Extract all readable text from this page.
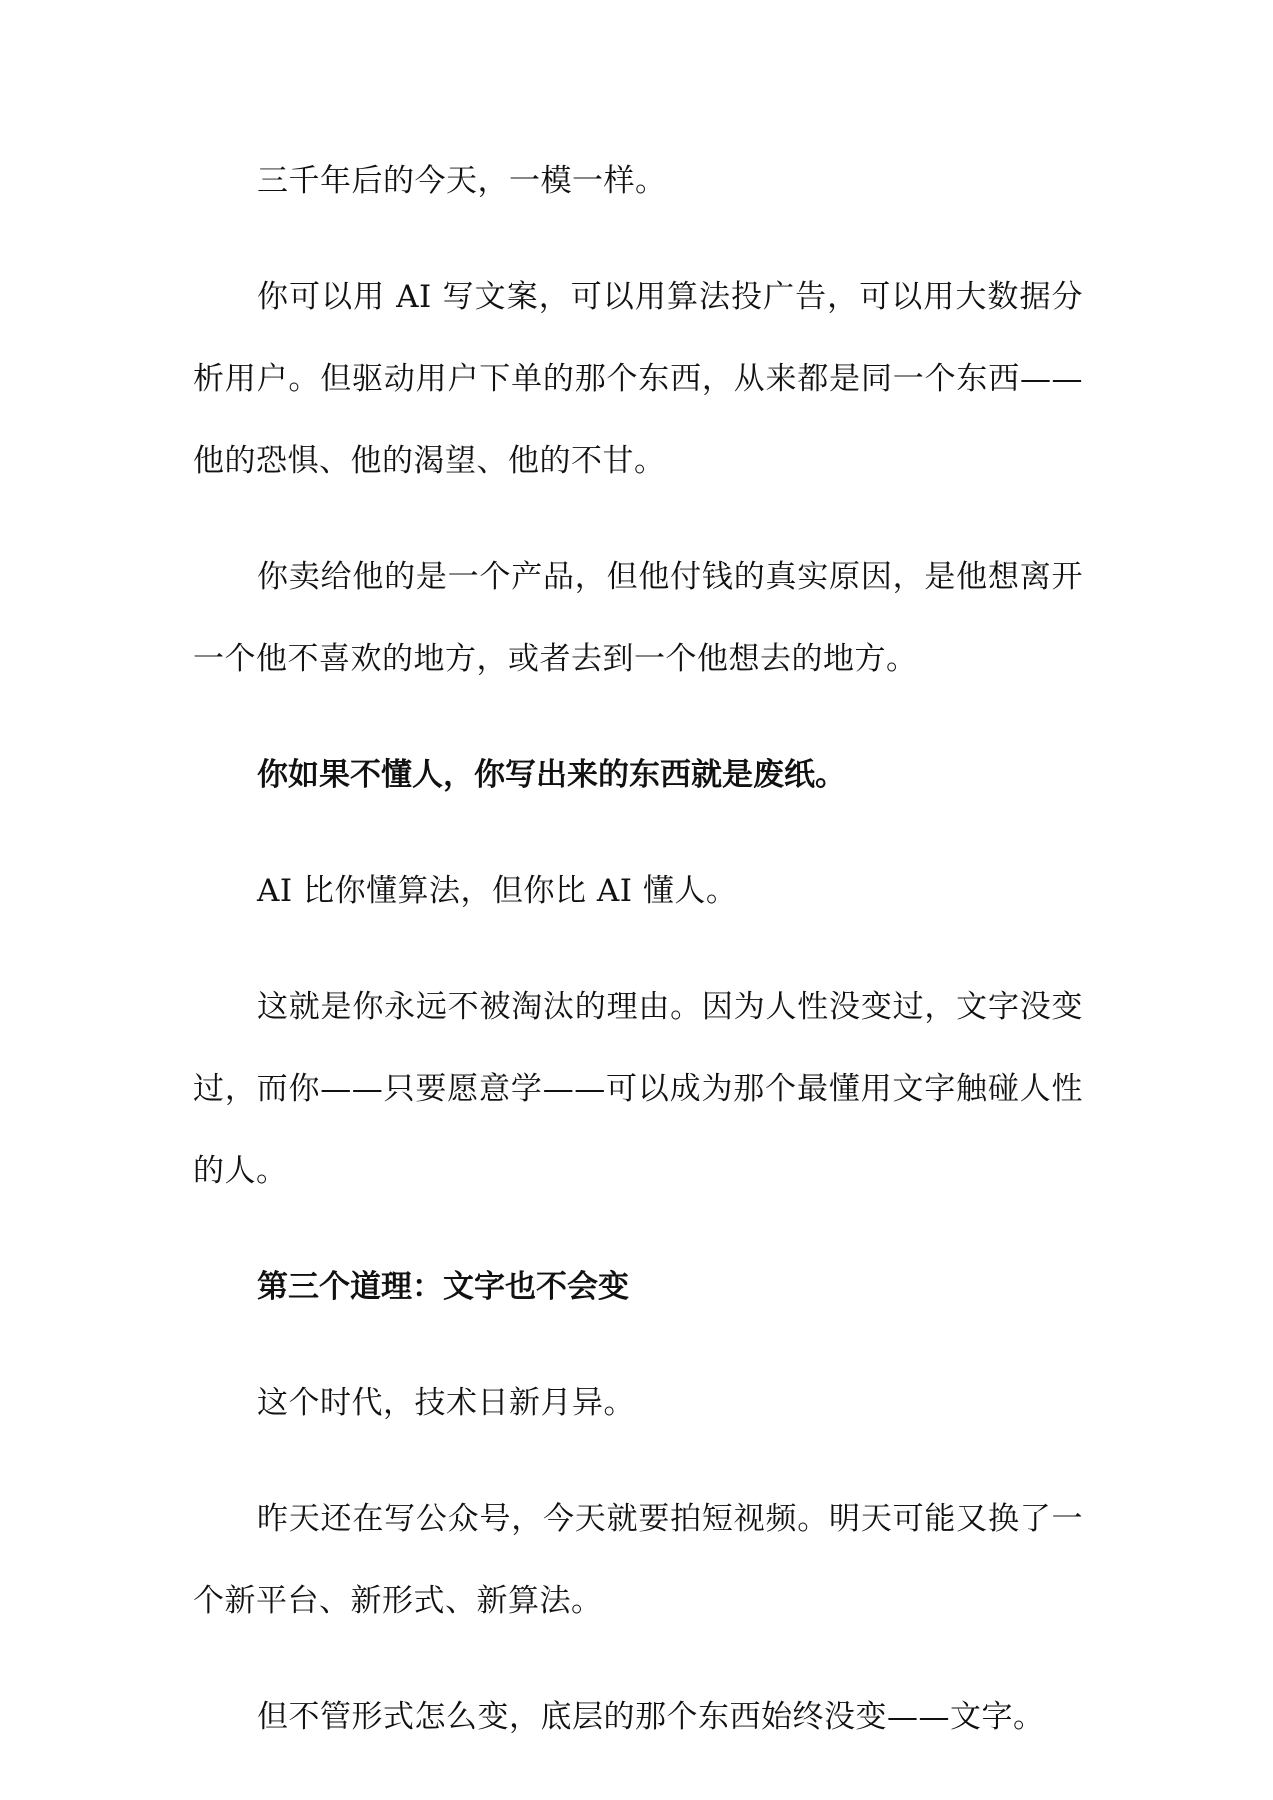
三千年后的今天，一模一样。

你可以用 AI 写文案，可以用算法投广告，可以用大数据分析用户。但驱动用户下单的那个东西，从来都是同一个东西——他的恐惧、他的渴望、他的不甘。

你卖给他的是一个产品，但他付钱的真实原因，是他想离开一个他不喜欢的地方，或者去到一个他想去的地方。

你如果不懂人，你写出来的东西就是废纸。

AI 比你懂算法，但你比 AI 懂人。

这就是你永远不被淘汰的理由。因为人性没变过，文字没变过，而你——只要愿意学——可以成为那个最懂用文字触碰人性的人。

第三个道理：文字也不会变

这个时代，技术日新月异。

昨天还在写公众号，今天就要拍短视频。明天可能又换了一个新平台、新形式、新算法。

但不管形式怎么变，底层的那个东西始终没变——文字。
